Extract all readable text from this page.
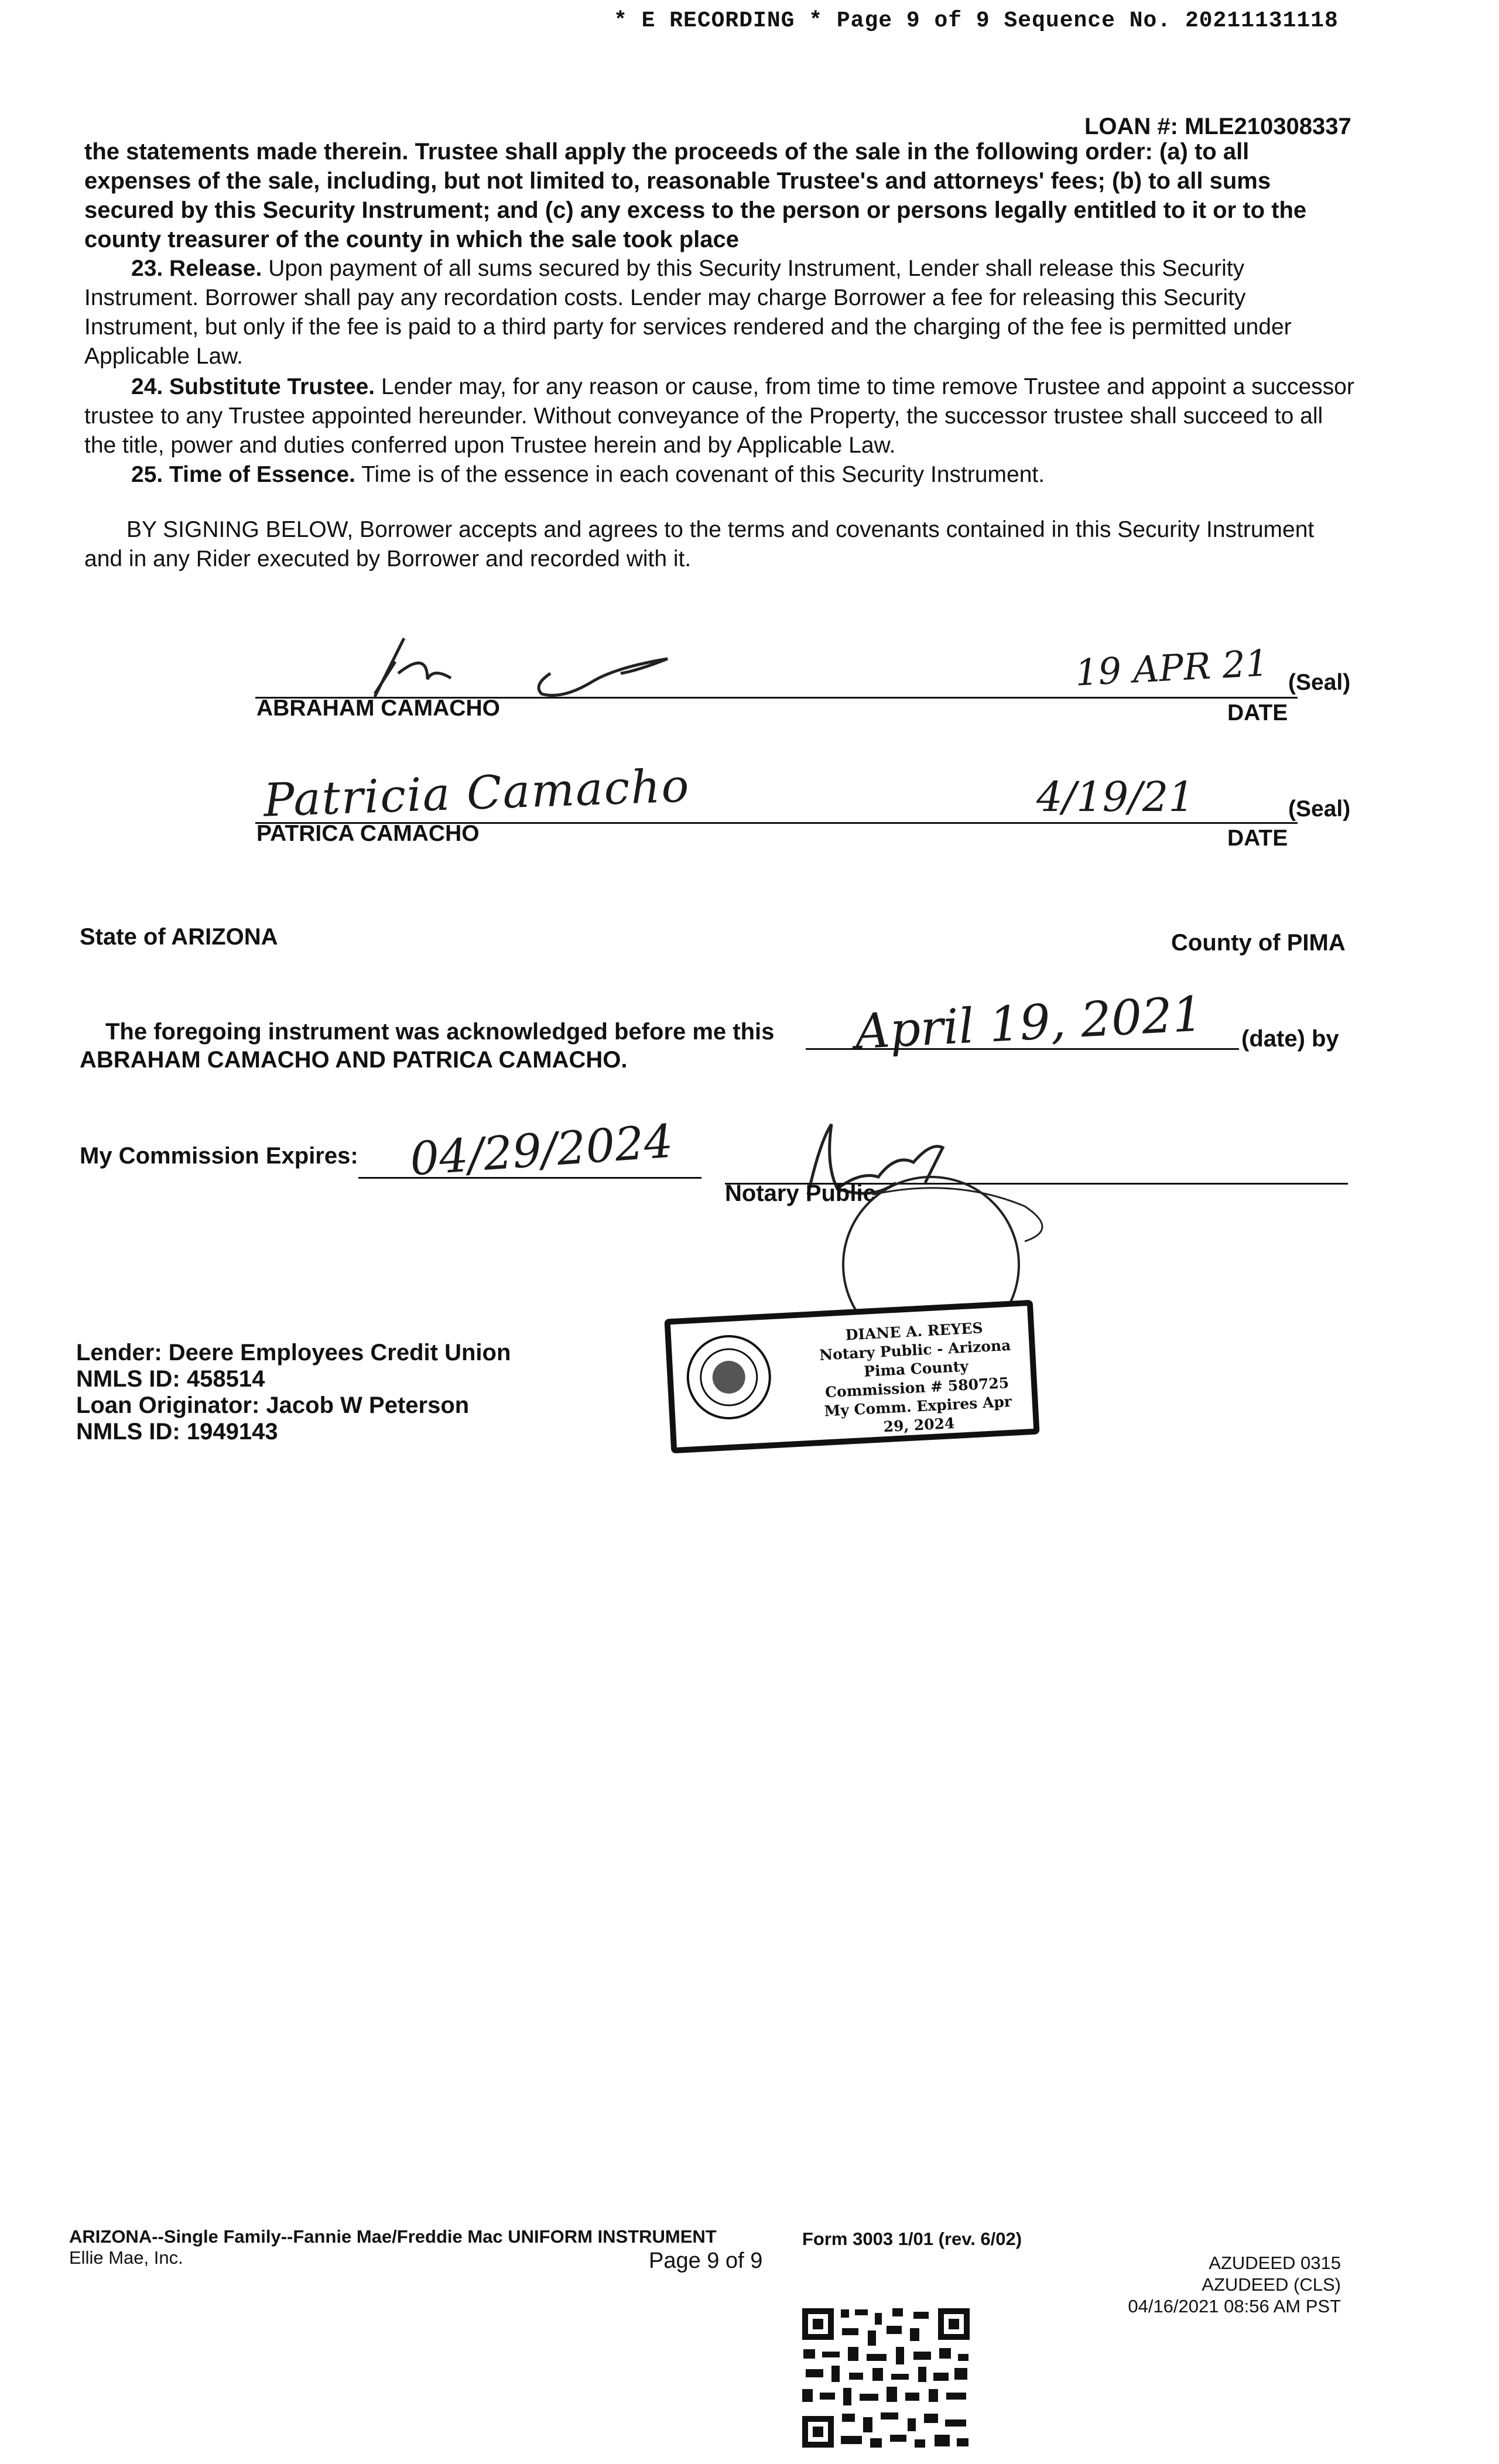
* E RECORDING * Page 9 of 9 Sequence No. 20211131118
LOAN #: MLE210308337

the statements made therein. Trustee shall apply the proceeds of the sale in the following order: (a) to all expenses of the sale, including, but not limited to, reasonable Trustee's and attorneys' fees; (b) to all sums secured by this Security Instrument; and (c) any excess to the person or persons legally entitled to it or to the county treasurer of the county in which the sale took place

23. Release. Upon payment of all sums secured by this Security Instrument, Lender shall release this Security Instrument. Borrower shall pay any recordation costs. Lender may charge Borrower a fee for releasing this Security Instrument, but only if the fee is paid to a third party for services rendered and the charging of the fee is permitted under Applicable Law.

24. Substitute Trustee. Lender may, for any reason or cause, from time to time remove Trustee and appoint a successor trustee to any Trustee appointed hereunder. Without conveyance of the Property, the successor trustee shall succeed to all the title, power and duties conferred upon Trustee herein and by Applicable Law.

25. Time of Essence. Time is of the essence in each covenant of this Security Instrument.

BY SIGNING BELOW, Borrower accepts and agrees to the terms and covenants contained in this Security Instrument and in any Rider executed by Borrower and recorded with it.

19 APR 21 (Seal)
ABRAHAM CAMACHO	DATE
Patricia Camacho	4/19/21	(Seal)
PATRICA CAMACHO	DATE
State of ARIZONA	County of PIMA
The foregoing instrument was acknowledged before me this April 19, 2021 (date) by
ABRAHAM CAMACHO AND PATRICA CAMACHO.
My Commission Expires: 04/29/2024
Notary Public
DIANE A. REYES
Notary Public - Arizona
Pima County
Commission # 580725
My Comm. Expires Apr 29, 2024
Lender: Deere Employees Credit Union
NMLS ID: 458514
Loan Originator: Jacob W Peterson
NMLS ID: 1949143
ARIZONA--Single Family--Fannie Mae/Freddie Mac UNIFORM INSTRUMENT	Form 3003 1/01 (rev. 6/02)
Ellie Mae, Inc.	Page 9 of 9	AZUDEED 0315
AZUDEED (CLS)
04/16/2021 08:56 AM PST
